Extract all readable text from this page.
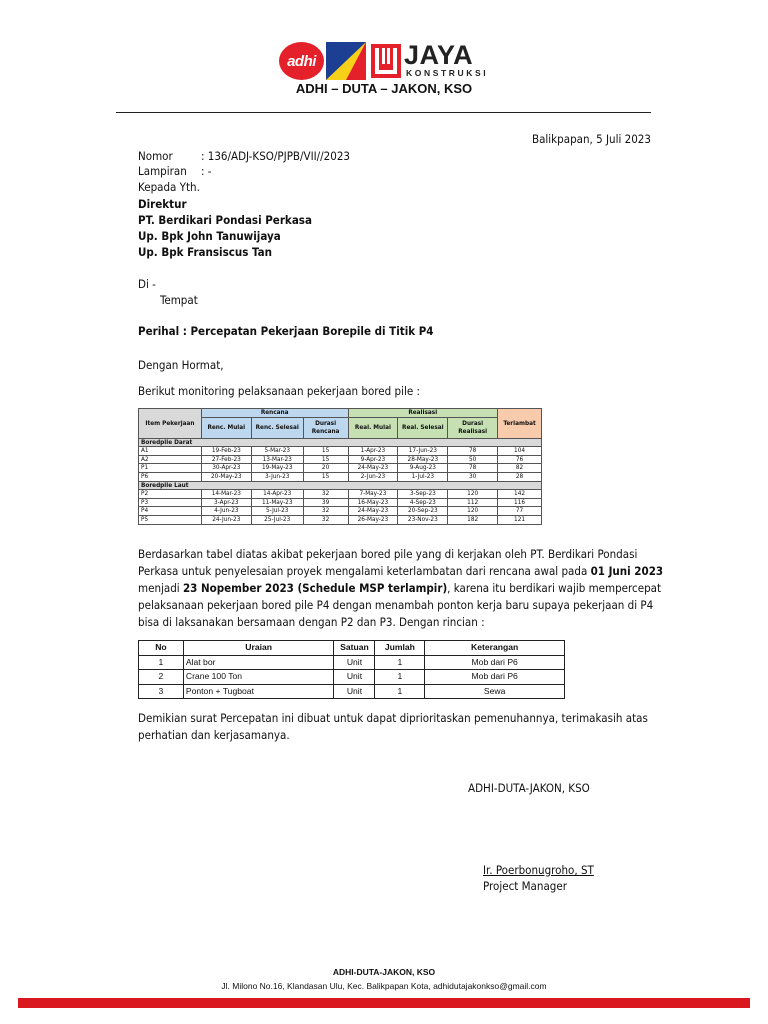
adhi	JAYA
KONSTRUKSI
ADHI – DUTA – JAKON, KSO
Balikpapan, 5 Juli 2023
Nomor : 136/ADJ-KSO/PJPB/VII//2023
Lampiran : -
Kepada Yth.
Direktur
PT. Berdikari Pondasi Perkasa
Up. Bpk John Tanuwijaya
Up. Bpk Fransiscus Tan
Di -
Tempat
Perihal : Percepatan Pekerjaan Borepile di Titik P4
Dengan Hormat,
Berikut monitoring pelaksanaan pekerjaan bored pile :
Item Pekerjaan	Rencana			Realisasi			Terlambat
	Renc. Mulai	Renc. Selesai	Durasi Rencana	Real. Mulai	Real. Selesai	Durasi Realisasi	
Boredpile Darat							
A1	19-Feb-23	5-Mar-23	15	1-Apr-23	17-Jun-23	78	104
A2	27-Feb-23	13-Mar-23	15	9-Apr-23	28-May-23	50	76
P1	30-Apr-23	19-May-23	20	24-May-23	9-Aug-23	78	82
P6	20-May-23	3-Jun-23	15	2-Jun-23	1-Jul-23	30	28
Boredpile Laut							
P2	14-Mar-23	14-Apr-23	32	7-May-23	3-Sep-23	120	142
P3	3-Apr-23	11-May-23	39	16-May-23	4-Sep-23	112	116
P4	4-Jun-23	5-Jul-23	32	24-May-23	20-Sep-23	120	77
P5	24-Jun-23	25-Jul-23	32	26-May-23	23-Nov-23	182	121
Berdasarkan tabel diatas akibat pekerjaan bored pile yang di kerjakan oleh PT. Berdikari Pondasi
Perkasa untuk penyelesaian proyek mengalami keterlambatan dari rencana awal pada 01 Juni 2023
menjadi 23 Nopember 2023 (Schedule MSP terlampir), karena itu berdikari wajib mempercepat
pelaksanaan pekerjaan bored pile P4 dengan menambah ponton kerja baru supaya pekerjaan di P4
bisa di laksanakan bersamaan dengan P2 dan P3. Dengan rincian :
No	Uraian	Satuan	Jumlah	Keterangan
1	Alat bor	Unit	1	Mob dari P6
2	Crane 100 Ton	Unit	1	Mob dari P6
3	Ponton + Tugboat	Unit	1	Sewa
Demikian surat Percepatan ini dibuat untuk dapat diprioritaskan pemenuhannya, terimakasih atas
perhatian dan kerjasamanya.
ADHI-DUTA-JAKON, KSO
Ir. Poerbonugroho, ST
Project Manager
ADHI-DUTA-JAKON, KSO
Jl. Milono No.16, Klandasan Ulu, Kec. Balikpapan Kota, adhidutajakonkso@gmail.com
